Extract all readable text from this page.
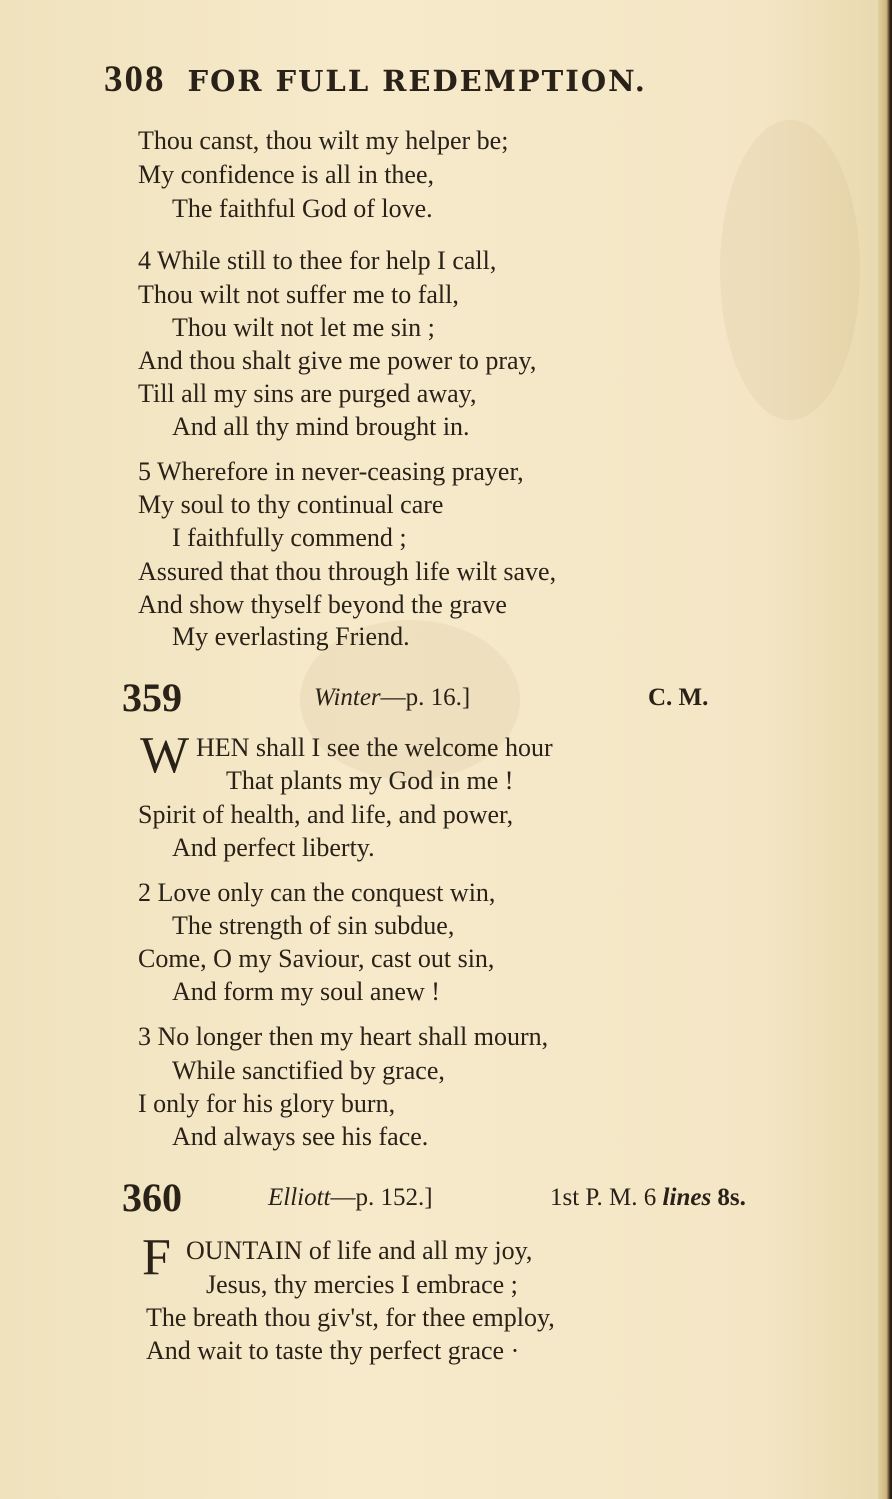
308 FOR FULL REDEMPTION.
Thou canst, thou wilt my helper be;
My confidence is all in thee,
The faithful God of love.
4 While still to thee for help I call,
Thou wilt not suffer me to fall,
Thou wilt not let me sin ;
And thou shalt give me power to pray,
Till all my sins are purged away,
And all thy mind brought in.
5 Wherefore in never-ceasing prayer,
My soul to thy continual care
I faithfully commend ;
Assured that thou through life wilt save,
And show thyself beyond the grave
My everlasting Friend.
359	Winter—p. 16.]	C. M.
W HEN shall I see the welcome hour
That plants my God in me !
Spirit of health, and life, and power,
And perfect liberty.
2 Love only can the conquest win,
The strength of sin subdue,
Come, O my Saviour, cast out sin,
And form my soul anew !
3 No longer then my heart shall mourn,
While sanctified by grace,
I only for his glory burn,
And always see his face.
360	Elliott—p. 152.]	1st P. M. 6 lines 8s.
F OUNTAIN of life and all my joy,
Jesus, thy mercies I embrace ;
The breath thou giv'st, for thee employ,
And wait to taste thy perfect grace ·
